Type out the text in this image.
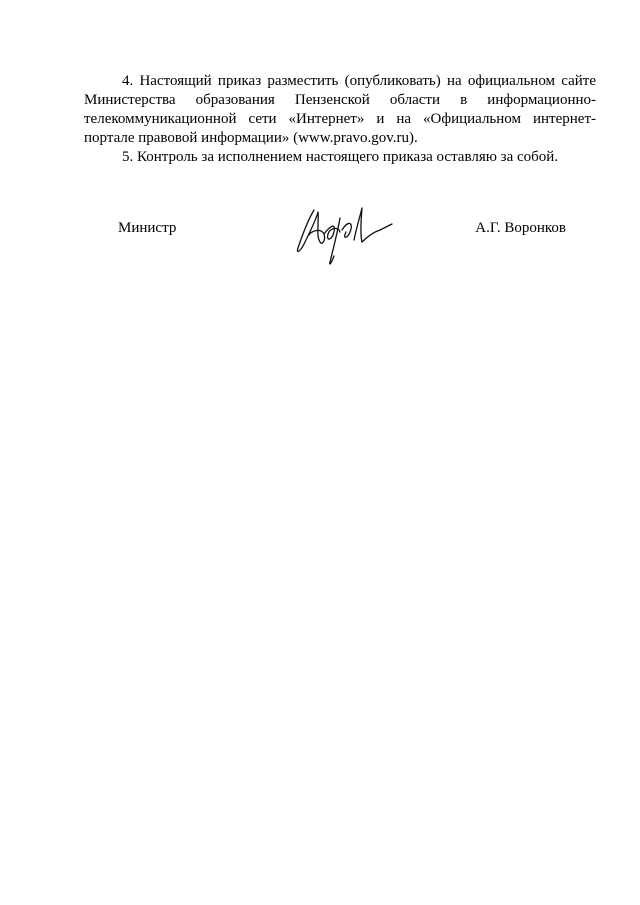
4. Настоящий приказ разместить (опубликовать) на официальном сайте Министерства образования Пензенской области в информационно-телекоммуникационной сети «Интернет» и на «Официальном интернет-портале правовой информации» (www.pravo.gov.ru).

5. Контроль за исполнением настоящего приказа оставляю за собой.

Министр	А.Г. Воронков
